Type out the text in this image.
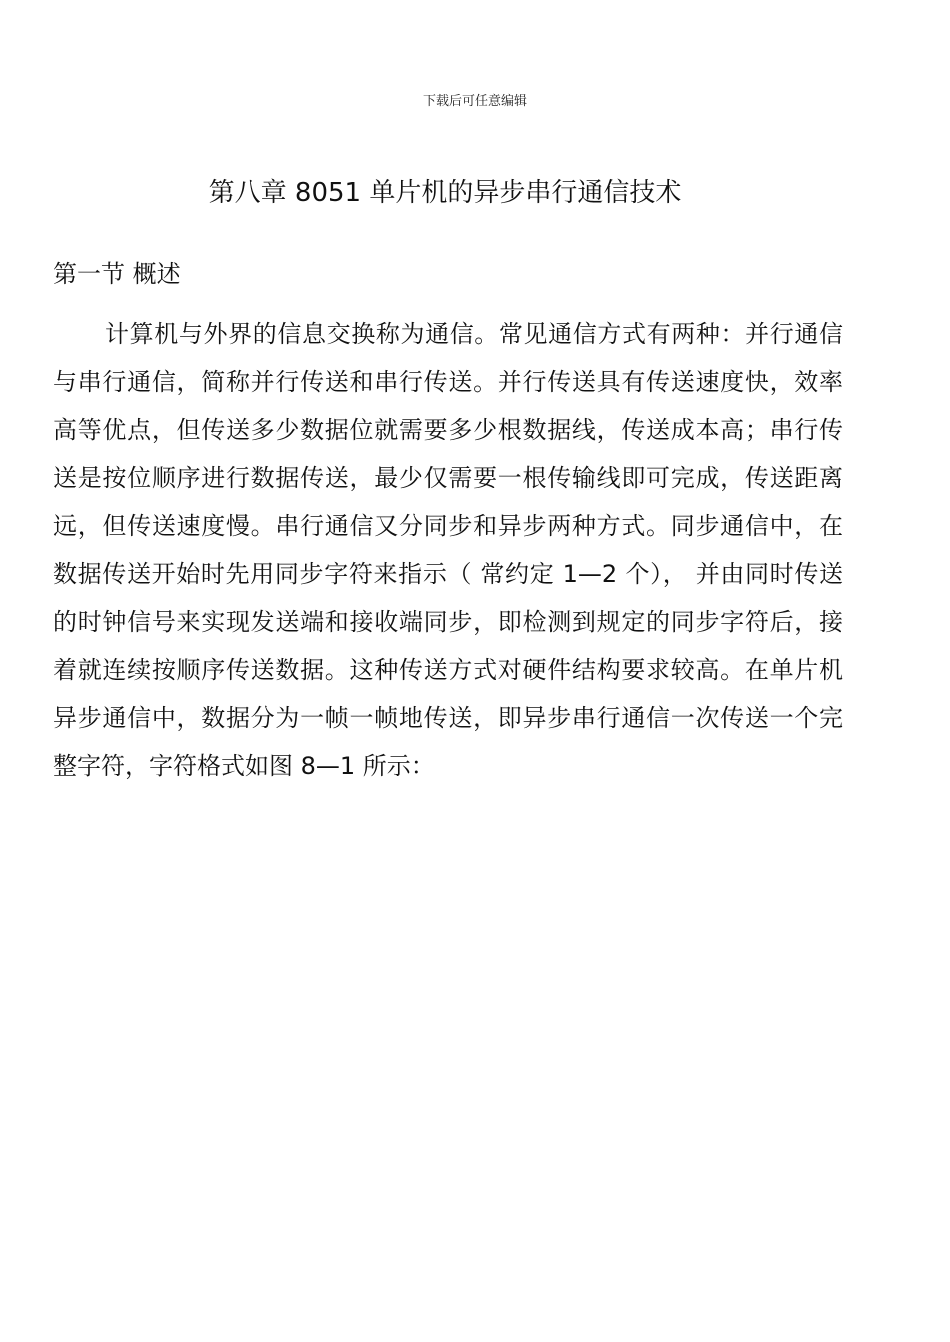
下载后可任意编辑
第八章 8051 单片机的异步串行通信技术
第一节 概述

计算机与外界的信息交换称为通信。常见通信方式有两种：并行通信与串行通信，简称并行传送和串行传送。并行传送具有传送速度快，效率高等优点，但传送多少数据位就需要多少根数据线，传送成本高；串行传送是按位顺序进行数据传送，最少仅需要一根传输线即可完成，传送距离远，但传送速度慢。串行通信又分同步和异步两种方式。同步通信中，在数据传送开始时先用同步字符来指示（ 常约定 1—2 个）， 并由同时传送的时钟信号来实现发送端和接收端同步，即检测到规定的同步字符后，接着就连续按顺序传送数据。这种传送方式对硬件结构要求较高。在单片机异步通信中，数据分为一帧一帧地传送，即异步串行通信一次传送一个完整字符，字符格式如图 8—1 所示：
